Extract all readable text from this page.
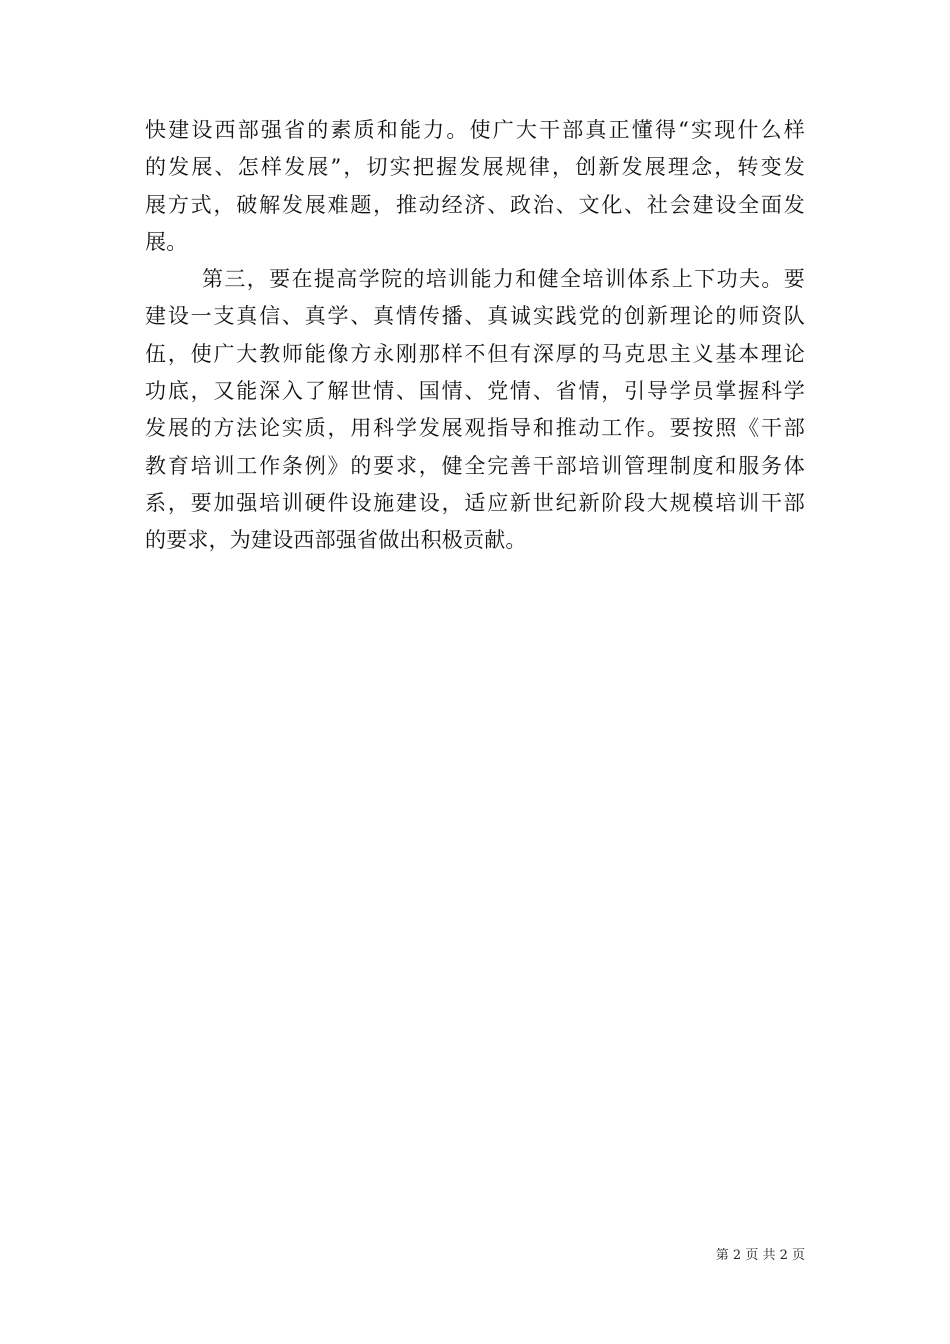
快建设西部强省的素质和能力。使广大干部真正懂得“实现什么样
的发展、怎样发展”，切实把握发展规律，创新发展理念，转变发
展方式，破解发展难题，推动经济、政治、文化、社会建设全面发
展。
第三，要在提高学院的培训能力和健全培训体系上下功夫。要
建设一支真信、真学、真情传播、真诚实践党的创新理论的师资队
伍，使广大教师能像方永刚那样不但有深厚的马克思主义基本理论
功底，又能深入了解世情、国情、党情、省情，引导学员掌握科学
发展的方法论实质，用科学发展观指导和推动工作。要按照《干部
教育培训工作条例》的要求，健全完善干部培训管理制度和服务体
系，要加强培训硬件设施建设，适应新世纪新阶段大规模培训干部
的要求，为建设西部强省做出积极贡献。
第 2 页 共 2 页
